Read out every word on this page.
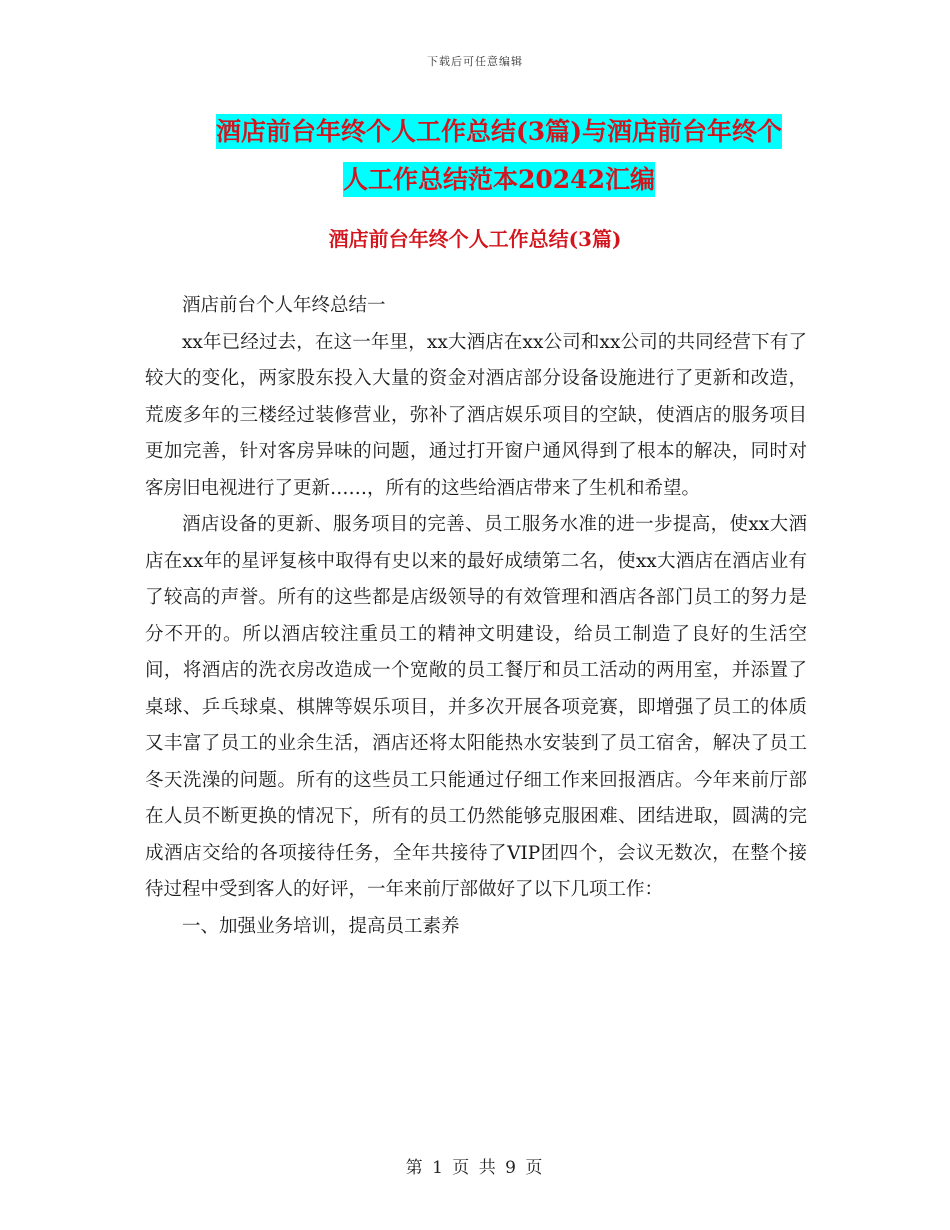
下载后可任意编辑
酒店前台年终个人工作总结(3篇)与酒店前台年终个
人工作总结范本20242汇编
酒店前台年终个人工作总结(3篇)

酒店前台个人年终总结一

xx年已经过去，在这一年里，xx大酒店在xx公司和xx公司的共同经营下有了较大的变化，两家股东投入大量的资金对酒店部分设备设施进行了更新和改造，荒废多年的三楼经过装修营业，弥补了酒店娱乐项目的空缺，使酒店的服务项目更加完善，针对客房异味的问题，通过打开窗户通风得到了根本的解决，同时对客房旧电视进行了更新……，所有的这些给酒店带来了生机和希望。

酒店设备的更新、服务项目的完善、员工服务水准的进一步提高，使xx大酒店在xx年的星评复核中取得有史以来的最好成绩第二名，使xx大酒店在酒店业有了较高的声誉。所有的这些都是店级领导的有效管理和酒店各部门员工的努力是分不开的。所以酒店较注重员工的精神文明建设，给员工制造了良好的生活空间，将酒店的洗衣房改造成一个宽敞的员工餐厅和员工活动的两用室，并添置了桌球、乒乓球桌、棋牌等娱乐项目，并多次开展各项竞赛，即增强了员工的体质又丰富了员工的业余生活，酒店还将太阳能热水安装到了员工宿舍，解决了员工冬天洗澡的问题。所有的这些员工只能通过仔细工作来回报酒店。今年来前厅部在人员不断更换的情况下，所有的员工仍然能够克服困难、团结进取，圆满的完成酒店交给的各项接待任务，全年共接待了VIP团四个，会议无数次，在整个接待过程中受到客人的好评，一年来前厅部做好了以下几项工作：

一、加强业务培训，提高员工素养

第 1 页 共 9 页
